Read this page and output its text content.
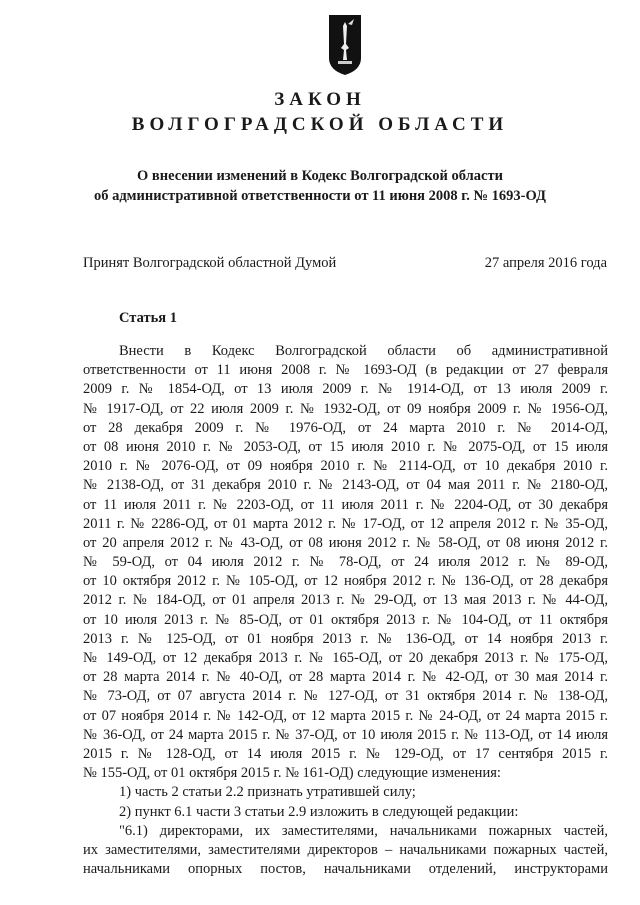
ЗАКОН
ВОЛГОГРАДСКОЙ ОБЛАСТИ
О внесении изменений в Кодекс Волгоградской области
об административной ответственности от 11 июня 2008 г. № 1693-ОД
Принят Волгоградской областной Думой	27 апреля 2016 года
Статья 1
Внести в Кодекс Волгоградской области об административной
ответственности от 11 июня 2008 г. № 1693-ОД (в редакции от 27 февраля
2009 г. № 1854-ОД, от 13 июля 2009 г. № 1914-ОД, от 13 июля 2009 г.
№ 1917-ОД, от 22 июля 2009 г. № 1932-ОД, от 09 ноября 2009 г. № 1956-ОД,
от 28 декабря 2009 г. № 1976-ОД, от 24 марта 2010 г. № 2014-ОД,
от 08 июня 2010 г. № 2053-ОД, от 15 июля 2010 г. № 2075-ОД, от 15 июля
2010 г. № 2076-ОД, от 09 ноября 2010 г. № 2114-ОД, от 10 декабря 2010 г.
№ 2138-ОД, от 31 декабря 2010 г. № 2143-ОД, от 04 мая 2011 г. № 2180-ОД,
от 11 июля 2011 г. № 2203-ОД, от 11 июля 2011 г. № 2204-ОД, от 30 декабря
2011 г. № 2286-ОД, от 01 марта 2012 г. № 17-ОД, от 12 апреля 2012 г. № 35-ОД,
от 20 апреля 2012 г. № 43-ОД, от 08 июня 2012 г. № 58-ОД, от 08 июня 2012 г.
№ 59-ОД, от 04 июля 2012 г. № 78-ОД, от 24 июля 2012 г. № 89-ОД,
от 10 октября 2012 г. № 105-ОД, от 12 ноября 2012 г. № 136-ОД, от 28 декабря
2012 г. № 184-ОД, от 01 апреля 2013 г. № 29-ОД, от 13 мая 2013 г. № 44-ОД,
от 10 июля 2013 г. № 85-ОД, от 01 октября 2013 г. № 104-ОД, от 11 октября
2013 г. № 125-ОД, от 01 ноября 2013 г. № 136-ОД, от 14 ноября 2013 г.
№ 149-ОД, от 12 декабря 2013 г. № 165-ОД, от 20 декабря 2013 г. № 175-ОД,
от 28 марта 2014 г. № 40-ОД, от 28 марта 2014 г. № 42-ОД, от 30 мая 2014 г.
№ 73-ОД, от 07 августа 2014 г. № 127-ОД, от 31 октября 2014 г. № 138-ОД,
от 07 ноября 2014 г. № 142-ОД, от 12 марта 2015 г. № 24-ОД, от 24 марта 2015 г.
№ 36-ОД, от 24 марта 2015 г. № 37-ОД, от 10 июля 2015 г. № 113-ОД, от 14 июля
2015 г. № 128-ОД, от 14 июля 2015 г. № 129-ОД, от 17 сентября 2015 г.
№ 155-ОД, от 01 октября 2015 г. № 161-ОД) следующие изменения:
1) часть 2 статьи 2.2 признать утратившей силу;
2) пункт 6.1 части 3 статьи 2.9 изложить в следующей редакции:
"6.1) директорами, их заместителями, начальниками пожарных частей,
их заместителями, заместителями директоров – начальниками пожарных частей,
начальниками опорных постов, начальниками отделений, инструкторами
